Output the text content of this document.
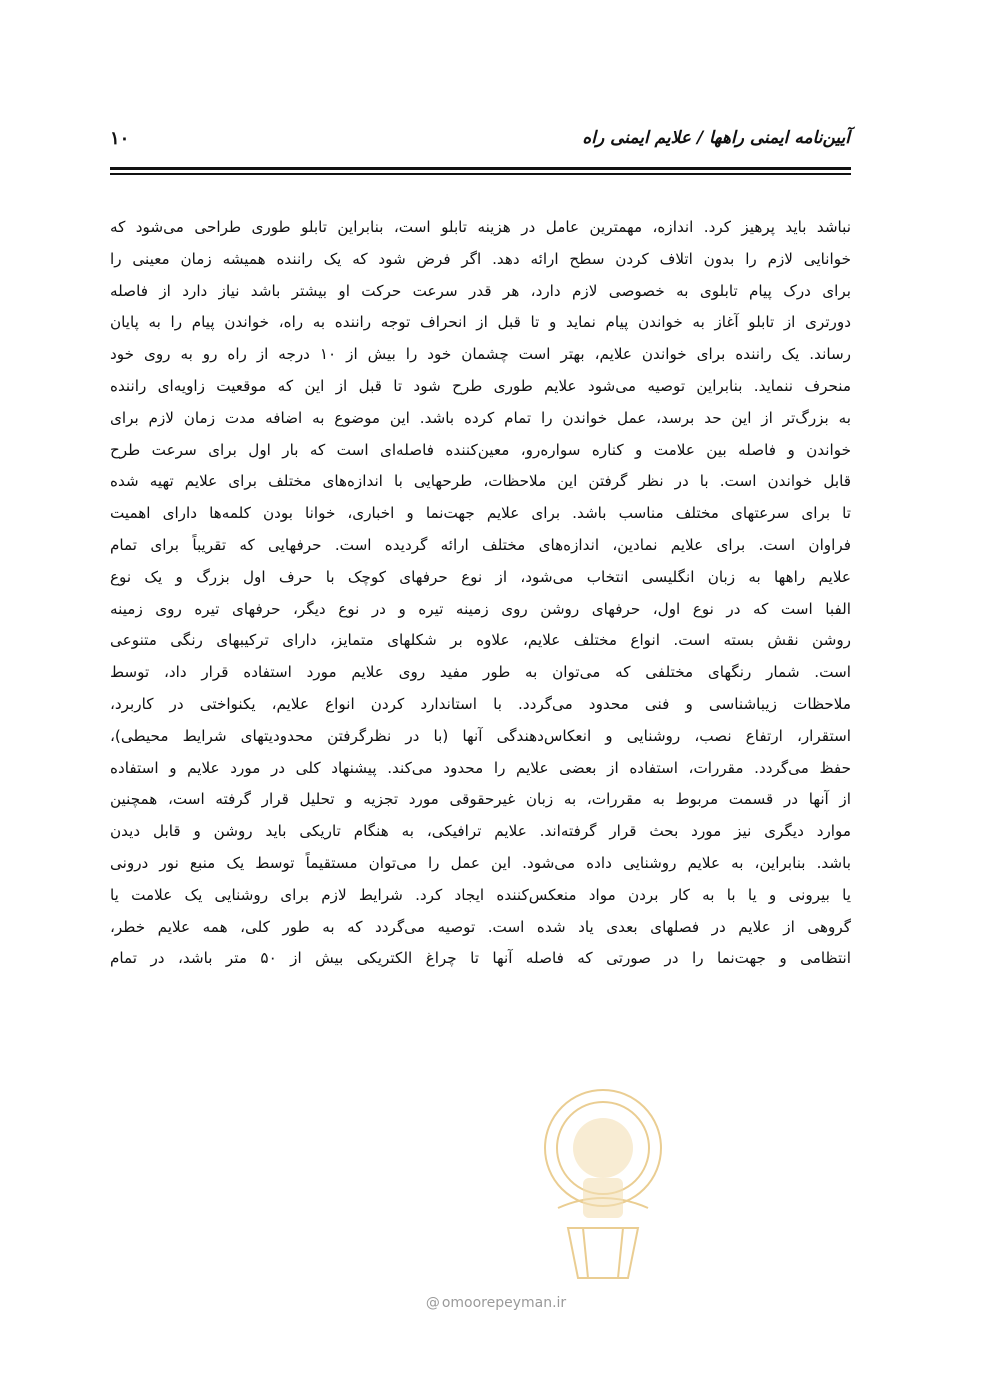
آیین‌نامه ایمنی راهها / علایم ایمنی راه
۱۰
نباشد باید پرهیز کرد. اندازه، مهمترین عامل در هزینه تابلو است، بنابراین تابلو طوری طراحی می‌شود که
خوانایی لازم را بدون اتلاف کردن سطح ارائه دهد. اگر فرض شود که یک راننده همیشه زمان معینی را
برای درک پیام تابلوی به خصوصی لازم دارد، هر قدر سرعت حرکت او بیشتر باشد نیاز دارد از فاصله
دورتری از تابلو آغاز به خواندن پیام نماید و تا قبل از انحراف توجه راننده به راه، خواندن پیام را به پایان
رساند. یک راننده برای خواندن علایم، بهتر است چشمان خود را بیش از ۱۰ درجه از راه رو به روی خود
منحرف ننماید. بنابراین توصیه می‌شود علایم طوری طرح شود تا قبل از این که موقعیت زاویه‌ای راننده
به بزرگ‌تر از این حد برسد، عمل خواندن را تمام کرده باشد. این موضوع به اضافه مدت زمان لازم برای
خواندن و فاصله بین علامت و کناره سواره‌رو، معین‌کننده فاصله‌ای است که بار اول برای سرعت طرح
قابل خواندن است. با در نظر گرفتن این ملاحظات، طرحهایی با اندازه‌های مختلف برای علایم تهیه شده
تا برای سرعتهای مختلف مناسب باشد. برای علایم جهت‌نما و اخباری، خوانا بودن کلمه‌ها دارای اهمیت
فراوان است. برای علایم نمادین، اندازه‌های مختلف ارائه گردیده است. حرفهایی که تقریباً برای تمام
علایم راهها به زبان انگلیسی انتخاب می‌شود، از نوع حرفهای کوچک با حرف اول بزرگ و یک نوع
الفبا است که در نوع اول، حرفهای روشن روی زمینه تیره و در نوع دیگر، حرفهای تیره روی زمینه
روشن نقش بسته است. انواع مختلف علایم، علاوه بر شکلهای متمایز، دارای ترکیبهای رنگی متنوعی
است. شمار رنگهای مختلفی که می‌توان به طور مفید روی علایم مورد استفاده قرار داد، توسط
ملاحظات زیباشناسی و فنی محدود می‌گردد. با استاندارد کردن انواع علایم، یکنواختی در کاربرد،
استقرار، ارتفاع نصب، روشنایی و انعکاس‌دهندگی آنها (با در نظرگرفتن محدودیتهای شرایط محیطی)،
حفظ می‌گردد. مقررات، استفاده از بعضی علایم را محدود می‌کند. پیشنهاد کلی در مورد علایم و استفاده
از آنها در قسمت مربوط به مقررات، به زبان غیرحقوقی مورد تجزیه و تحلیل قرار گرفته است، همچنین
موارد دیگری نیز مورد بحث قرار گرفته‌اند. علایم ترافیکی، به هنگام تاریکی باید روشن و قابل دیدن
باشد. بنابراین، به علایم روشنایی داده می‌شود. این عمل را می‌توان مستقیماً توسط یک منبع نور درونی
یا بیرونی و یا با به کار بردن مواد منعکس‌کننده ایجاد کرد. شرایط لازم برای روشنایی یک علامت یا
گروهی از علایم در فصلهای بعدی یاد شده است. توصیه می‌گردد که به طور کلی، همه علایم خطر،
انتظامی و جهت‌نما را در صورتی که فاصله آنها تا چراغ الکتریکی بیش از ۵۰ متر باشد، در تمام
@ omoorepeyman.ir
